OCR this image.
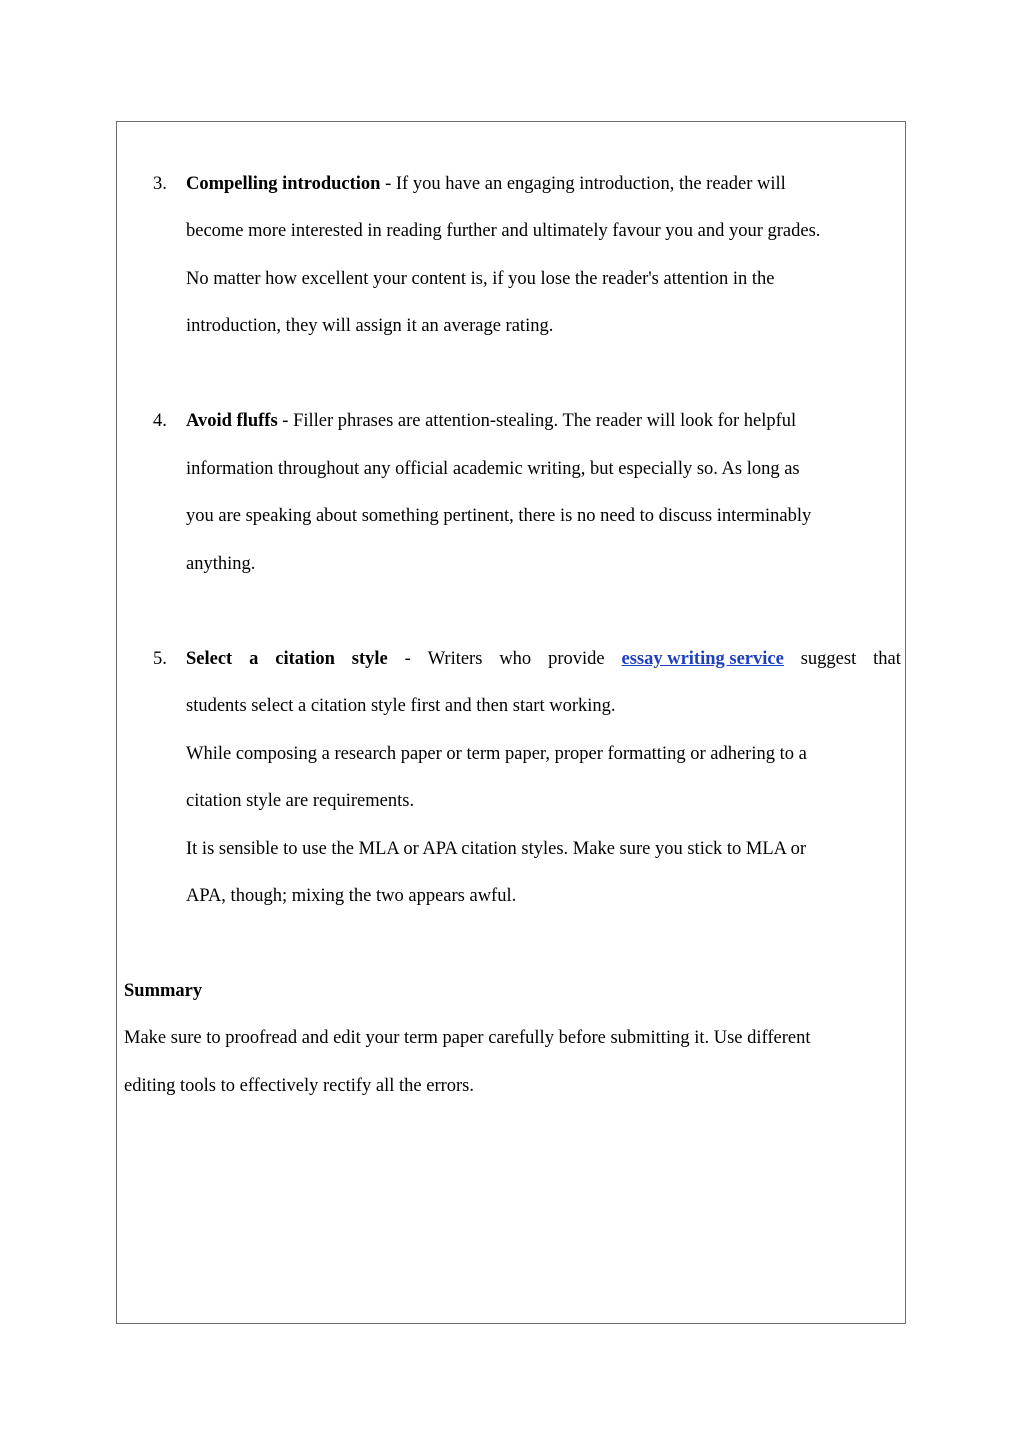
3. Compelling introduction - If you have an engaging introduction, the reader will
become more interested in reading further and ultimately favour you and your grades.
No matter how excellent your content is, if you lose the reader's attention in the
introduction, they will assign it an average rating.
4. Avoid fluffs - Filler phrases are attention-stealing. The reader will look for helpful
information throughout any official academic writing, but especially so. As long as
you are speaking about something pertinent, there is no need to discuss interminably
anything.
5. Select a citation style - Writers who provide essay writing service suggest that
students select a citation style first and then start working.
While composing a research paper or term paper, proper formatting or adhering to a
citation style are requirements.
It is sensible to use the MLA or APA citation styles. Make sure you stick to MLA or
APA, though; mixing the two appears awful.
Summary
Make sure to proofread and edit your term paper carefully before submitting it. Use different
editing tools to effectively rectify all the errors.
